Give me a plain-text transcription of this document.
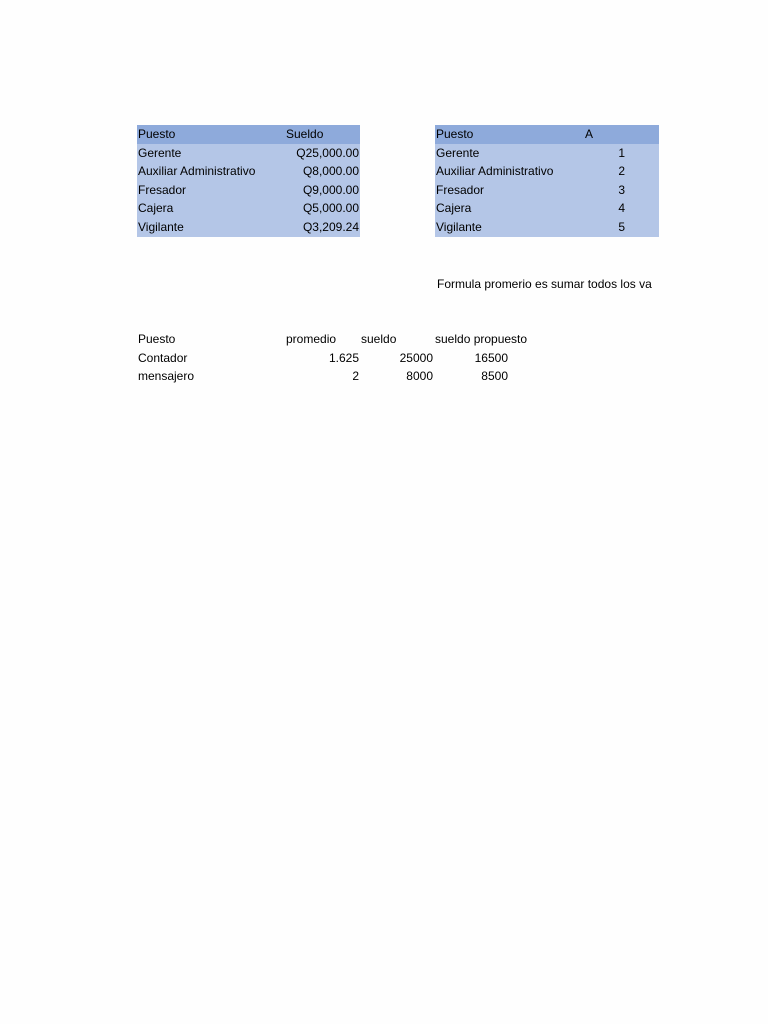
Puesto	Sueldo
Gerente	Q25,000.00
Auxiliar Administrativo	Q8,000.00
Fresador	Q9,000.00
Cajera	Q5,000.00
Vigilante	Q3,209.24
Puesto	A
Gerente	1
Auxiliar Administrativo	2
Fresador	3
Cajera	4
Vigilante	5
Formula promerio es sumar todos los va
Puesto	promedio	sueldo	sueldo propuesto
Contador	1.625	25000	16500
mensajero	2	8000	8500
